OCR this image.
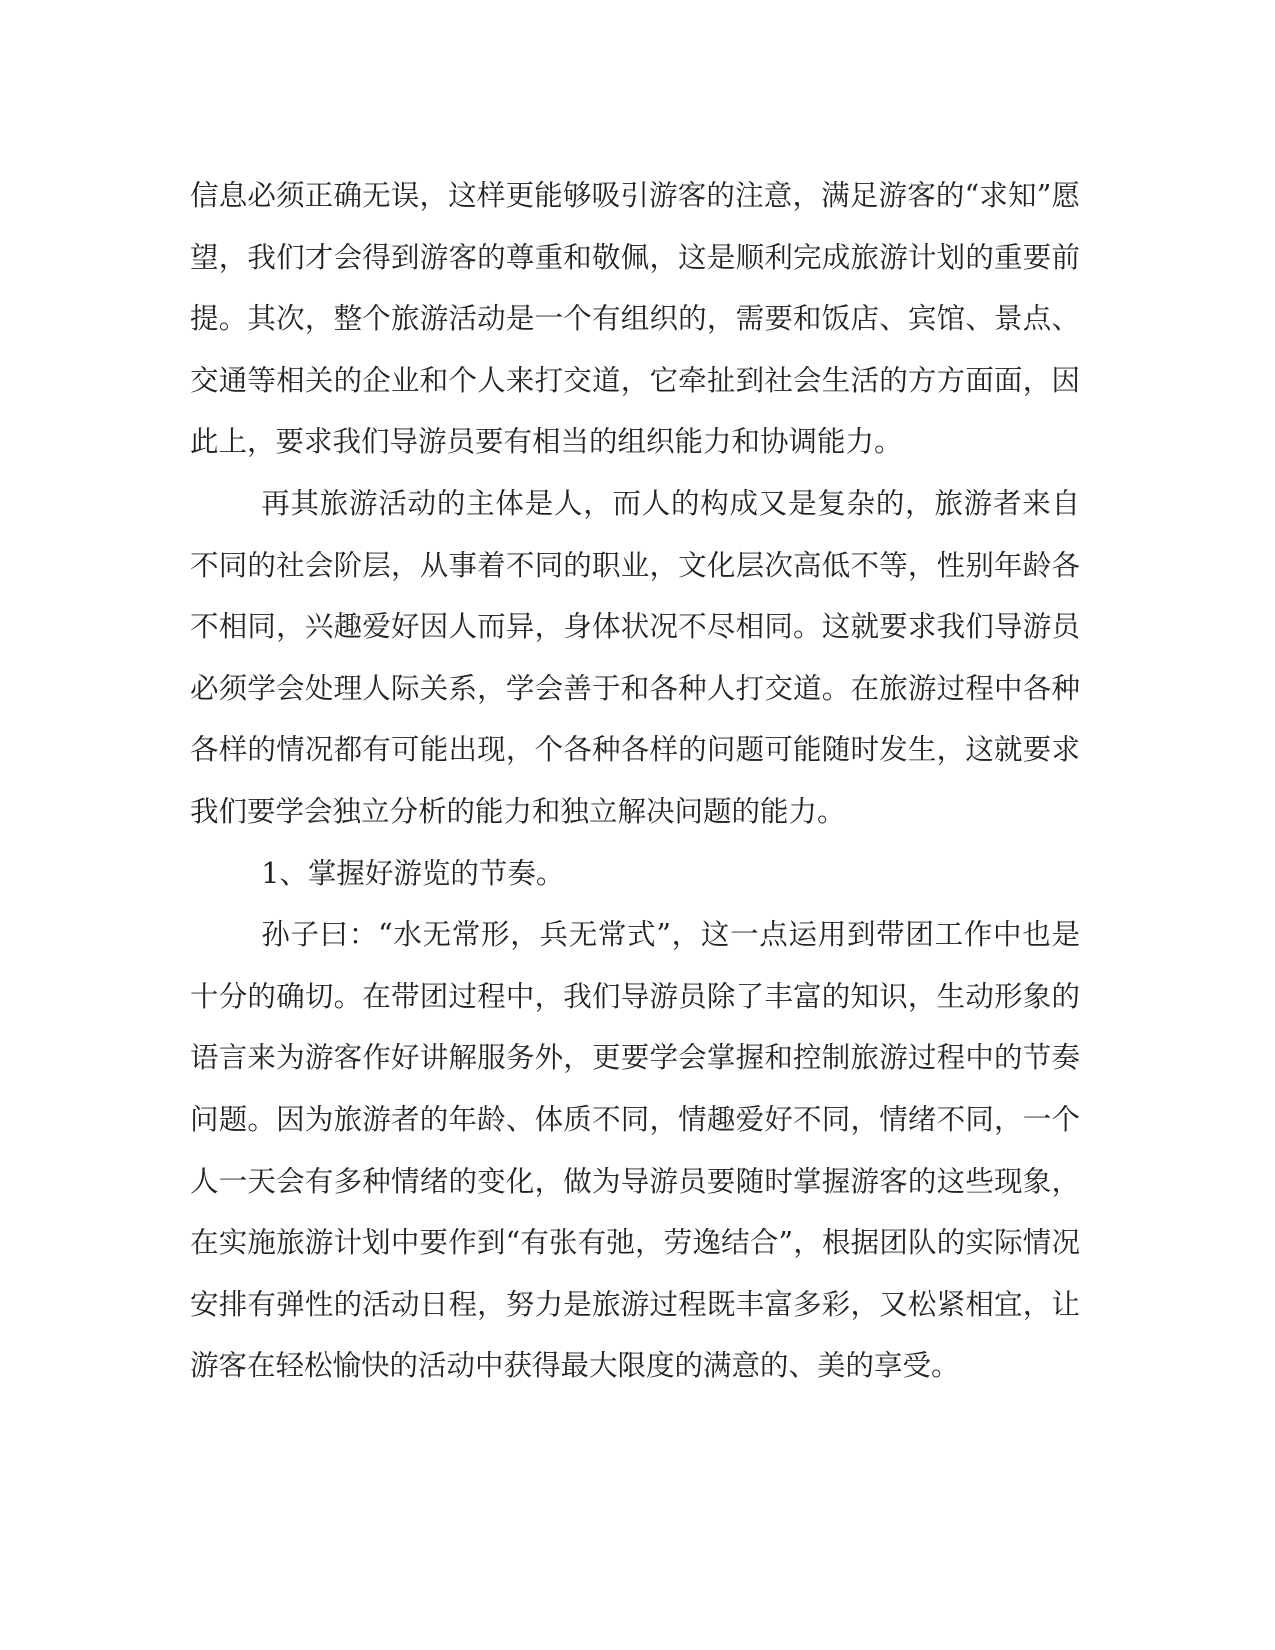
信息必须正确无误，这样更能够吸引游客的注意，满足游客的“求知”愿望，我们才会得到游客的尊重和敬佩，这是顺利完成旅游计划的重要前提。其次，整个旅游活动是一个有组织的，需要和饭店、宾馆、景点、交通等相关的企业和个人来打交道，它牵扯到社会生活的方方面面，因此上，要求我们导游员要有相当的组织能力和协调能力。

再其旅游活动的主体是人，而人的构成又是复杂的，旅游者来自不同的社会阶层，从事着不同的职业，文化层次高低不等，性别年龄各不相同，兴趣爱好因人而异，身体状况不尽相同。这就要求我们导游员必须学会处理人际关系，学会善于和各种人打交道。在旅游过程中各种各样的情况都有可能出现，个各种各样的问题可能随时发生，这就要求我们要学会独立分析的能力和独立解决问题的能力。

1、掌握好游览的节奏。

孙子曰：“水无常形，兵无常式”，这一点运用到带团工作中也是十分的确切。在带团过程中，我们导游员除了丰富的知识，生动形象的语言来为游客作好讲解服务外，更要学会掌握和控制旅游过程中的节奏问题。因为旅游者的年龄、体质不同，情趣爱好不同，情绪不同，一个人一天会有多种情绪的变化，做为导游员要随时掌握游客的这些现象，在实施旅游计划中要作到“有张有弛，劳逸结合”，根据团队的实际情况安排有弹性的活动日程，努力是旅游过程既丰富多彩，又松紧相宜，让游客在轻松愉快的活动中获得最大限度的满意的、美的享受。
